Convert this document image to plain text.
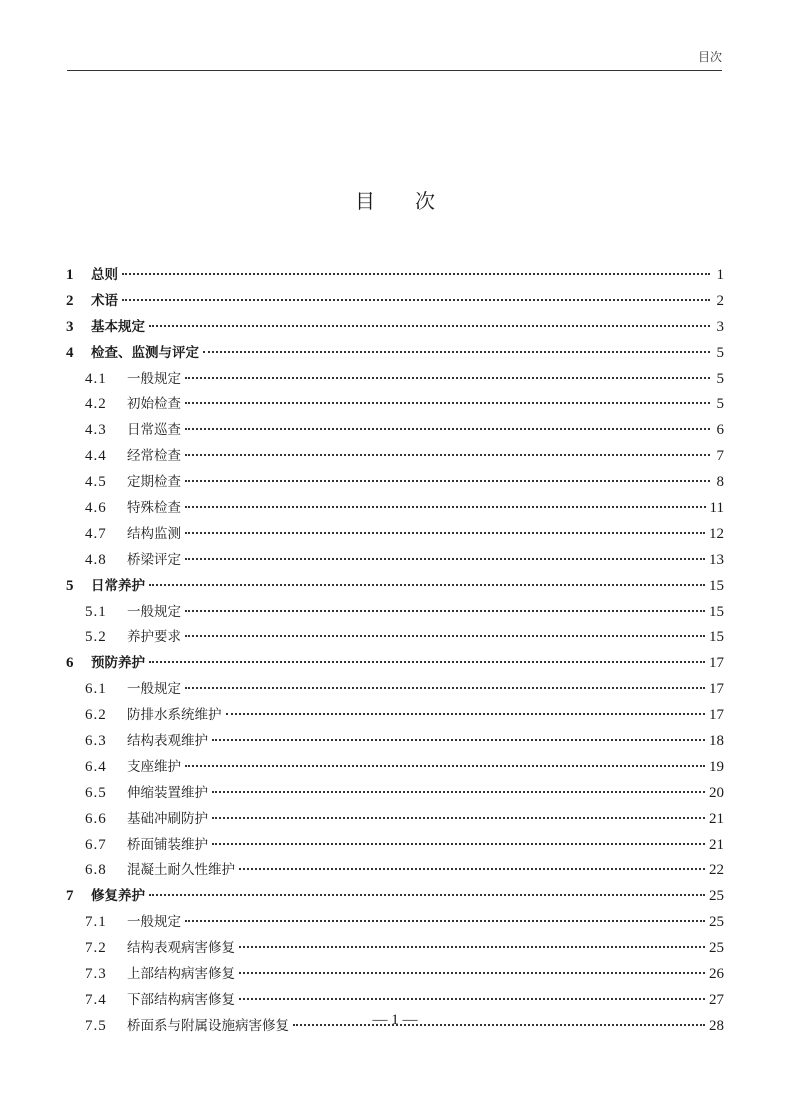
目次
目次
1	总则	1
2	术语	2
3	基本规定	3
4	检查、监测与评定	5
4.1	一般规定	5
4.2	初始检查	5
4.3	日常巡查	6
4.4	经常检查	7
4.5	定期检查	8
4.6	特殊检查	11
4.7	结构监测	12
4.8	桥梁评定	13
5	日常养护	15
5.1	一般规定	15
5.2	养护要求	15
6	预防养护	17
6.1	一般规定	17
6.2	防排水系统维护	17
6.3	结构表观维护	18
6.4	支座维护	19
6.5	伸缩装置维护	20
6.6	基础冲刷防护	21
6.7	桥面铺装维护	21
6.8	混凝土耐久性维护	22
7	修复养护	25
7.1	一般规定	25
7.2	结构表观病害修复	25
7.3	上部结构病害修复	26
7.4	下部结构病害修复	27
7.5	桥面系与附属设施病害修复	28
— 1 —
